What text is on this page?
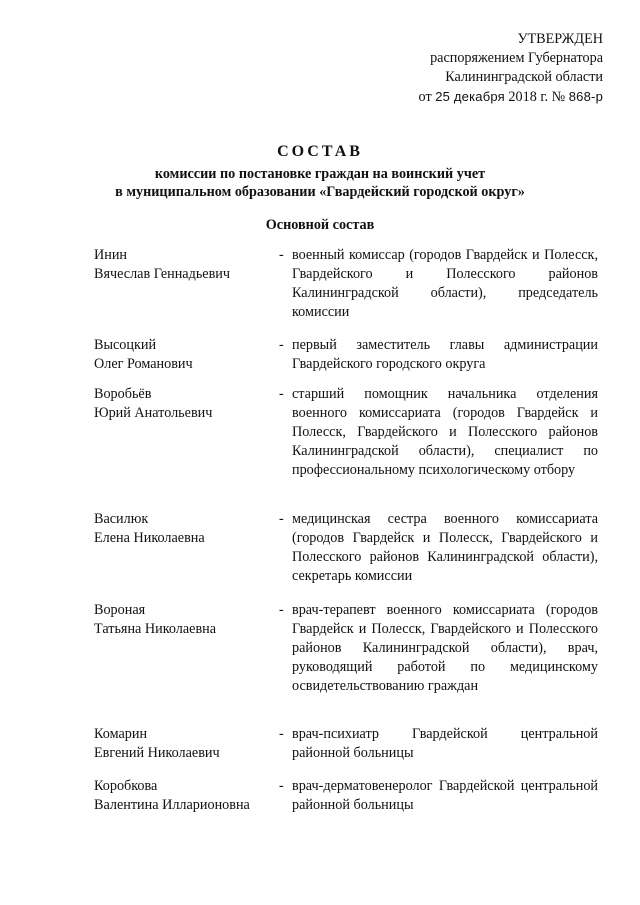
УТВЕРЖДЕН
распоряжением Губернатора
Калининградской области
от 25 декабря 2018 г. № 868-р
СОСТАВ
комиссии по постановке граждан на воинский учет
в муниципальном образовании «Гвардейский городской округ»
Основной состав
Инин
Вячеслав Геннадьевич
- военный комиссар (городов Гвардейск и Полесск, Гвардейского и Полесского районов Калининградской области), председатель комиссии
Высоцкий
Олег Романович
- первый заместитель главы администрации Гвардейского городского округа
Воробьёв
Юрий Анатольевич
- старший помощник начальника отделения военного комиссариата (городов Гвардейск и Полесск, Гвардейского и Полесского районов Калининградской области), специалист по профессиональному психологическому отбору
Василюк
Елена Николаевна
- медицинская сестра военного комиссариата (городов Гвардейск и Полесск, Гвардейского и Полесского районов Калининградской области), секретарь комиссии
Вороная
Татьяна Николаевна
- врач-терапевт военного комиссариата (городов Гвардейск и Полесск, Гвардейского и Полесского районов Калининградской области), врач, руководящий работой по медицинскому освидетельствованию граждан
Комарин
Евгений Николаевич
- врач-психиатр Гвардейской центральной районной больницы
Коробкова
Валентина Илларионовна
- врач-дерматовенеролог Гвардейской центральной районной больницы
